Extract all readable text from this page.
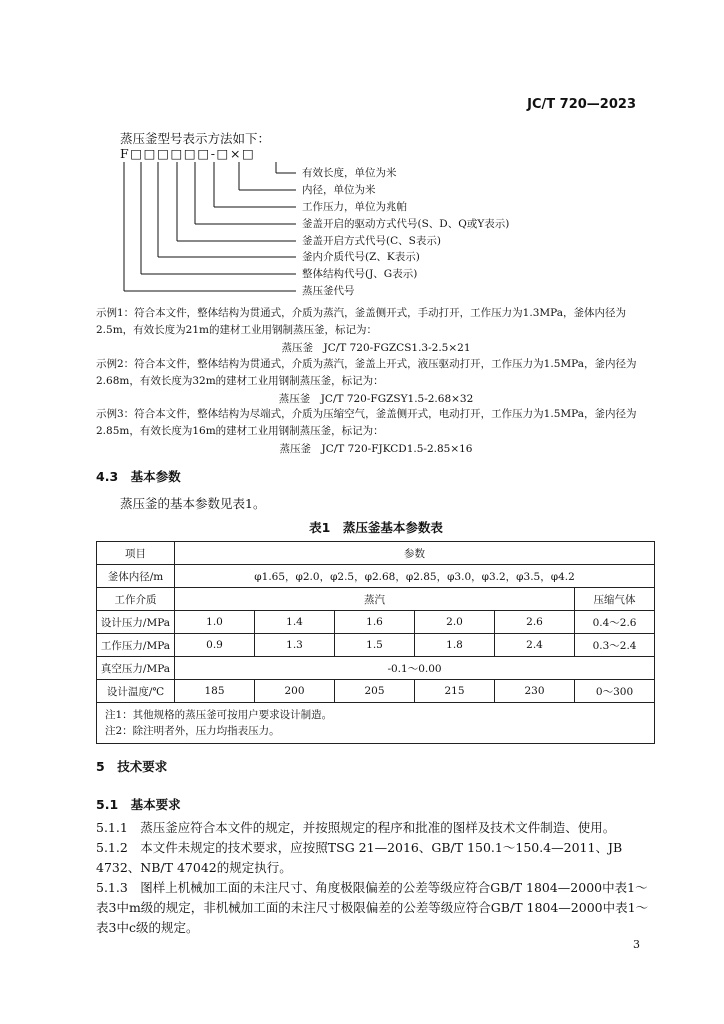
JC/T 720—2023
蒸压釜型号表示方法如下：
F□□□□□□-□×□
有效长度，单位为米
内径，单位为米
工作压力，单位为兆帕
釜盖开启的驱动方式代号(S、D、Q或Y表示)
釜盖开启方式代号(C、S表示)
釜内介质代号(Z、K表示)
整体结构代号(J、G表示)
蒸压釜代号
示例1：符合本文件，整体结构为贯通式，介质为蒸汽，釜盖侧开式，手动打开，工作压力为1.3MPa，釜体内径为2.5m，有效长度为21m的建材工业用钢制蒸压釜，标记为：
蒸压釜　JC/T 720-FGZCS1.3-2.5×21
示例2：符合本文件，整体结构为贯通式，介质为蒸汽，釜盖上开式，液压驱动打开，工作压力为1.5MPa，釜内径为2.68m，有效长度为32m的建材工业用钢制蒸压釜，标记为：
蒸压釜　JC/T 720-FGZSY1.5-2.68×32
示例3：符合本文件，整体结构为尽端式，介质为压缩空气，釜盖侧开式，电动打开，工作压力为1.5MPa，釜内径为2.85m，有效长度为16m的建材工业用钢制蒸压釜，标记为：
蒸压釜　JC/T 720-FJKCD1.5-2.85×16
4.3　基本参数
蒸压釜的基本参数见表1。
表1　蒸压釜基本参数表
项目	参数					
釜体内径/m	φ1.65，φ2.0，φ2.5，φ2.68，φ2.85，φ3.0，φ3.2，φ3.5，φ4.2					
工作介质	蒸汽					压缩气体
设计压力/MPa	1.0	1.4	1.6	2.0	2.6	0.4～2.6
工作压力/MPa	0.9	1.3	1.5	1.8	2.4	0.3～2.4
真空压力/MPa	-0.1～0.00					
设计温度/℃	185	200	205	215	230	0～300

注1：其他规格的蒸压釜可按用户要求设计制造。
注2：除注明者外，压力均指表压力。						
5　技术要求
5.1　基本要求
5.1.1　蒸压釜应符合本文件的规定，并按照规定的程序和批准的图样及技术文件制造、使用。
5.1.2　本文件未规定的技术要求，应按照TSG 21—2016、GB/T 150.1～150.4—2011、JB 4732、NB/T 47042的规定执行。
5.1.3　图样上机械加工面的未注尺寸、角度极限偏差的公差等级应符合GB/T 1804—2000中表1～表3中m级的规定，非机械加工面的未注尺寸极限偏差的公差等级应符合GB/T 1804—2000中表1～表3中c级的规定。
3
